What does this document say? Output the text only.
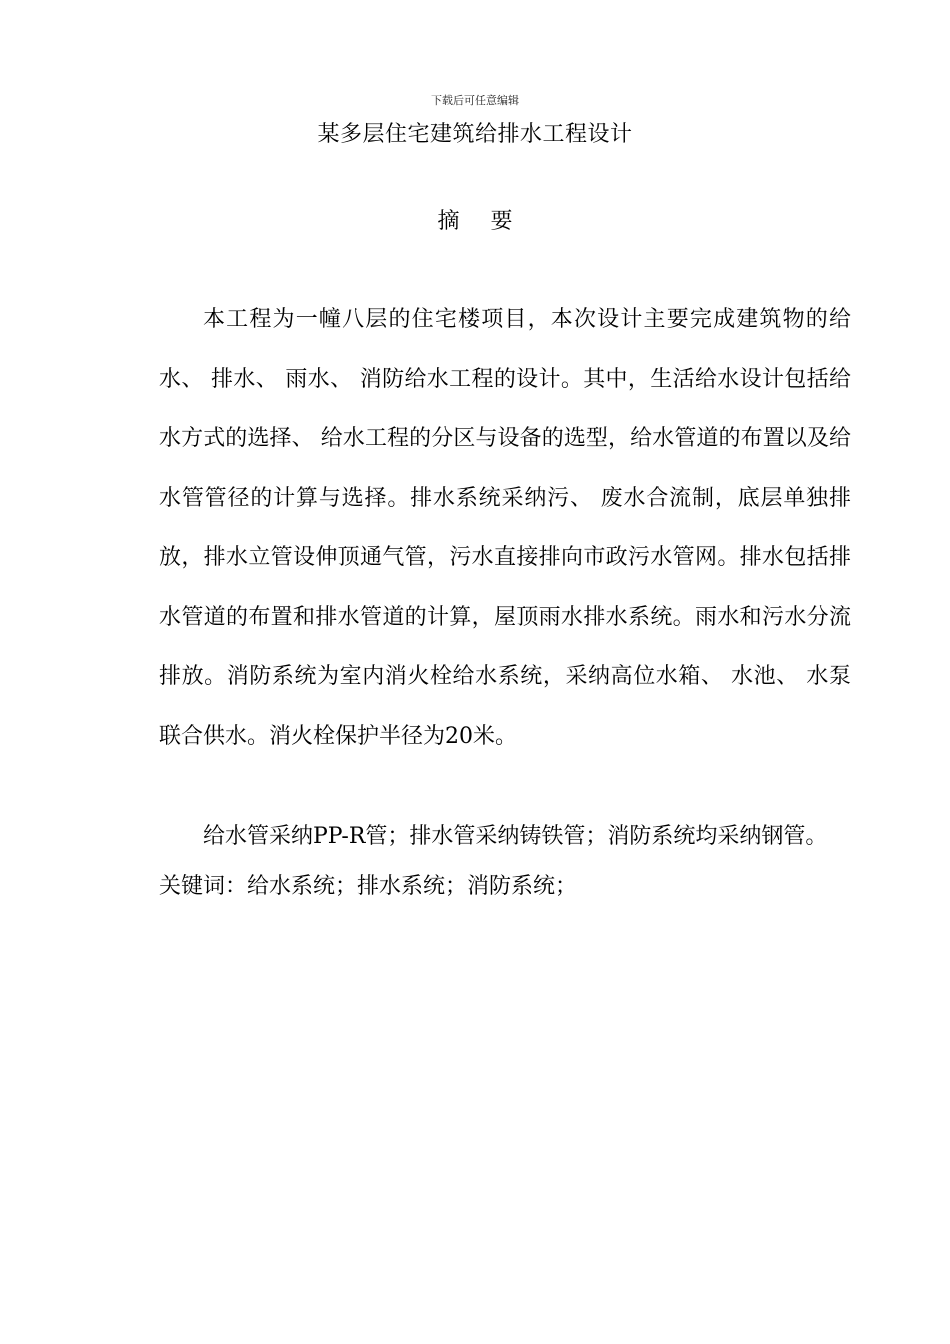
下载后可任意编辑
某多层住宅建筑给排水工程设计
摘 要

本工程为一幢八层的住宅楼项目，本次设计主要完成建筑物的给水、 排水、 雨水、 消防给水工程的设计。其中，生活给水设计包括给水方式的选择、 给水工程的分区与设备的选型，给水管道的布置以及给水管管径的计算与选择。排水系统采纳污、 废水合流制，底层单独排放，排水立管设伸顶通气管，污水直接排向市政污水管网。排水包括排水管道的布置和排水管道的计算，屋顶雨水排水系统。雨水和污水分流排放。消防系统为室内消火栓给水系统，采纳高位水箱、 水池、 水泵联合供水。消火栓保护半径为20米。

给水管采纳PP-R管；排水管采纳铸铁管；消防系统均采纳钢管。

关键词：给水系统；排水系统；消防系统；
